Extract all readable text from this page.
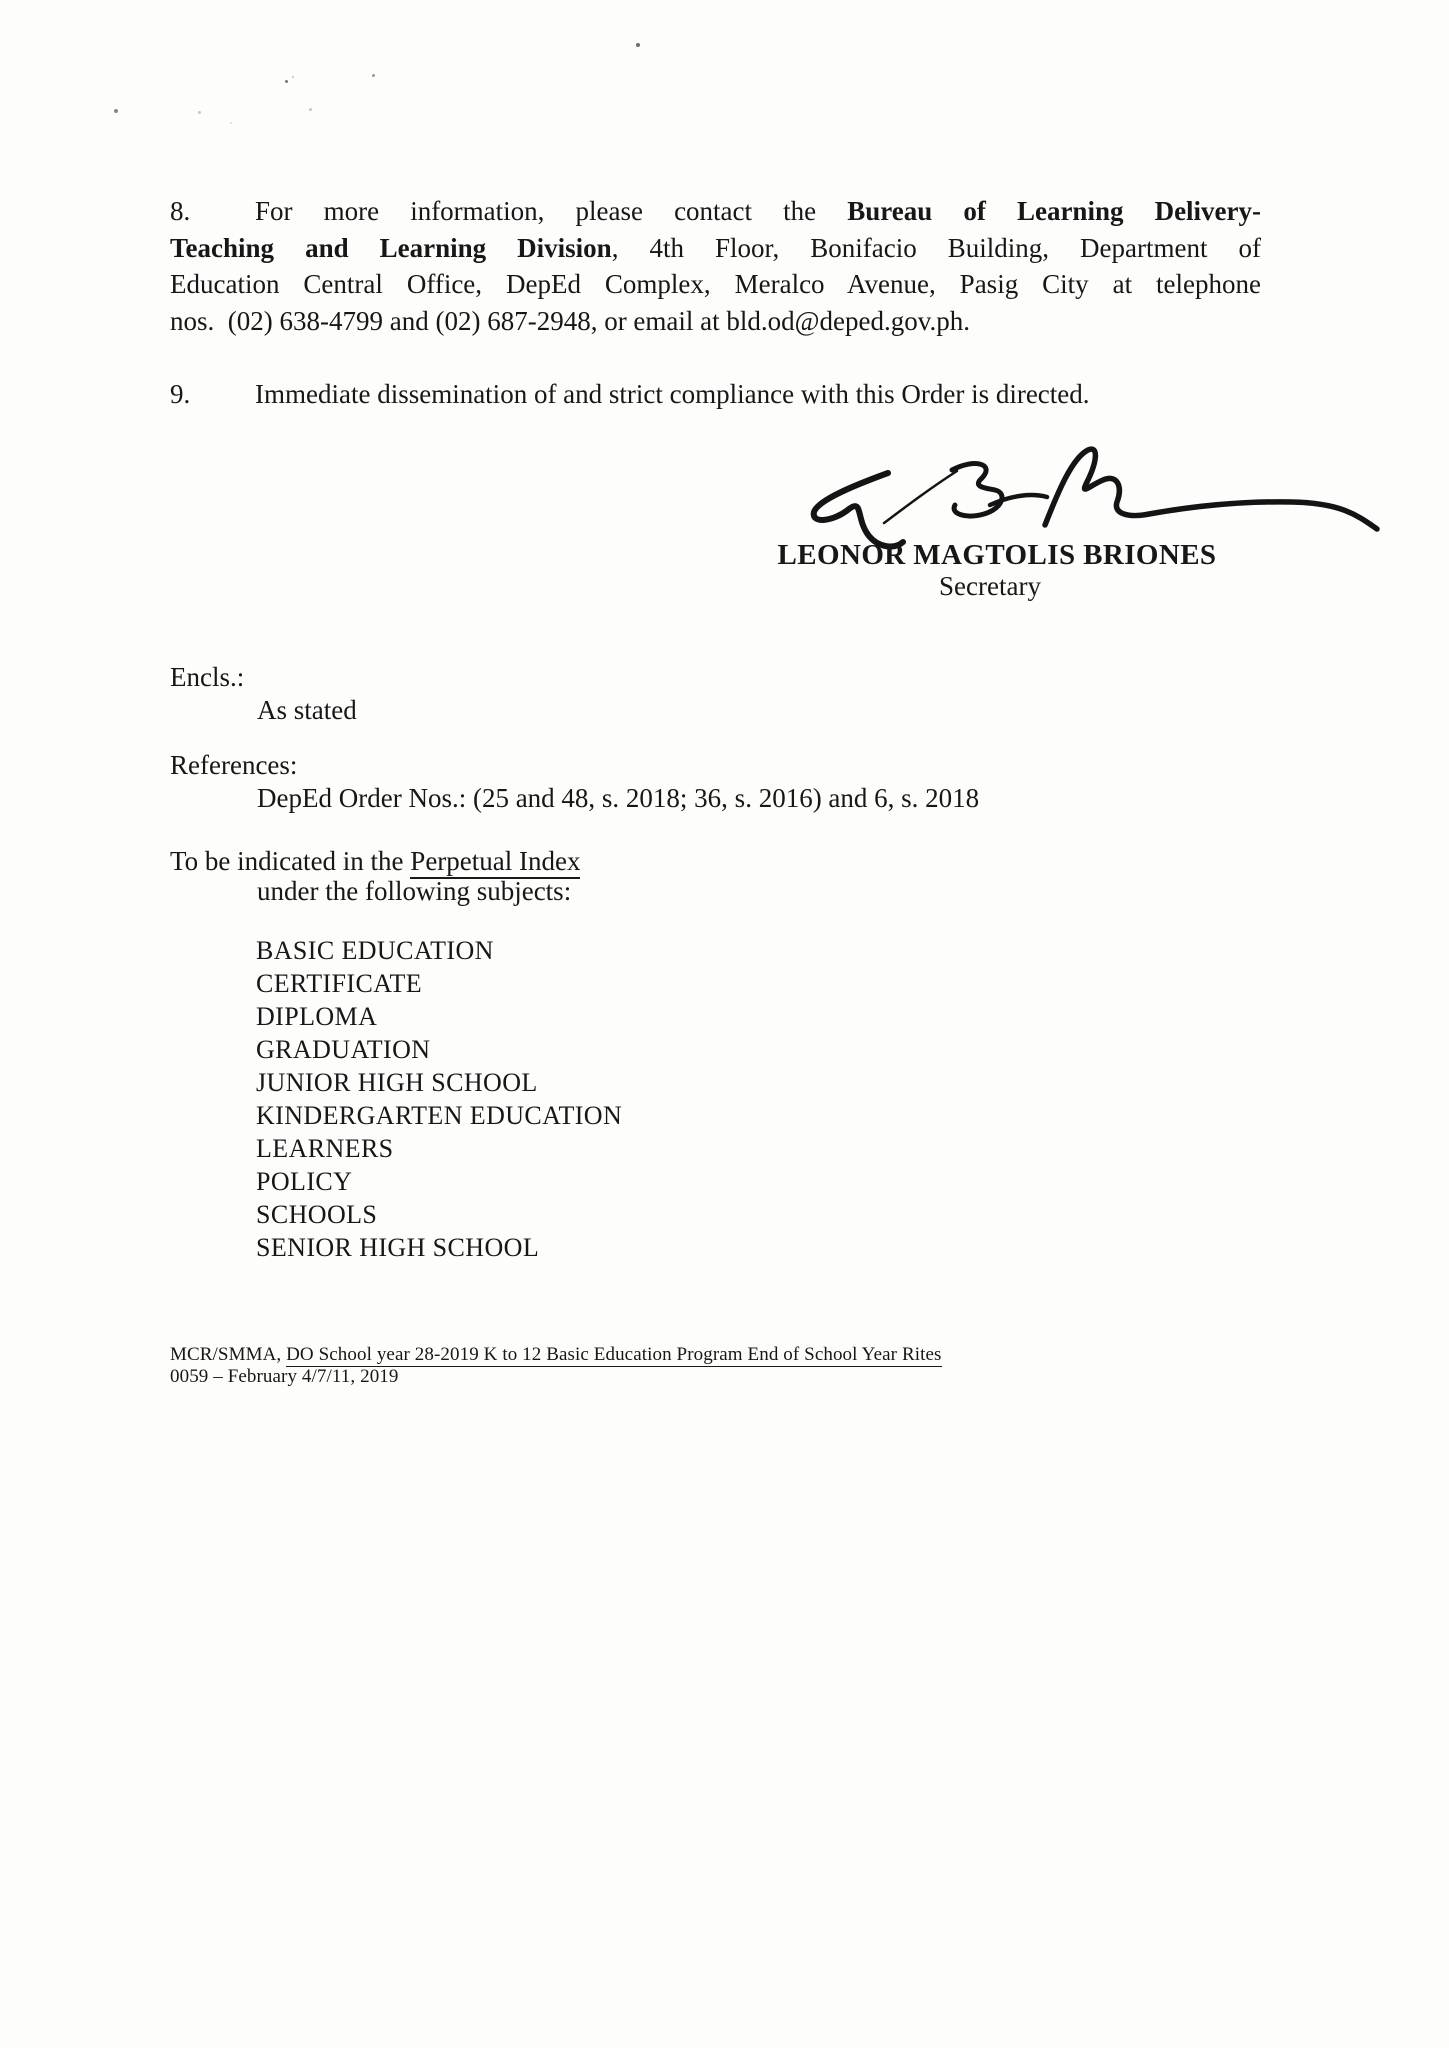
8. For more information, please contact the Bureau of Learning Delivery-
Teaching and Learning Division, 4th Floor, Bonifacio Building, Department of
Education Central Office, DepEd Complex, Meralco Avenue, Pasig City at telephone
nos.  (02) 638-4799 and (02) 687-2948, or email at bld.od@deped.gov.ph.
9. Immediate dissemination of and strict compliance with this Order is directed.
LEONOR MAGTOLIS BRIONES
Secretary
Encls.:
As stated
References:
DepEd Order Nos.: (25 and 48, s. 2018; 36, s. 2016) and 6, s. 2018
To be indicated in the Perpetual Index
under the following subjects:
BASIC EDUCATION
CERTIFICATE
DIPLOMA
GRADUATION
JUNIOR HIGH SCHOOL
KINDERGARTEN EDUCATION
LEARNERS
POLICY
SCHOOLS
SENIOR HIGH SCHOOL
MCR/SMMA, DO School year 28-2019 K to 12 Basic Education Program End of School Year Rites
0059 – February 4/7/11, 2019
